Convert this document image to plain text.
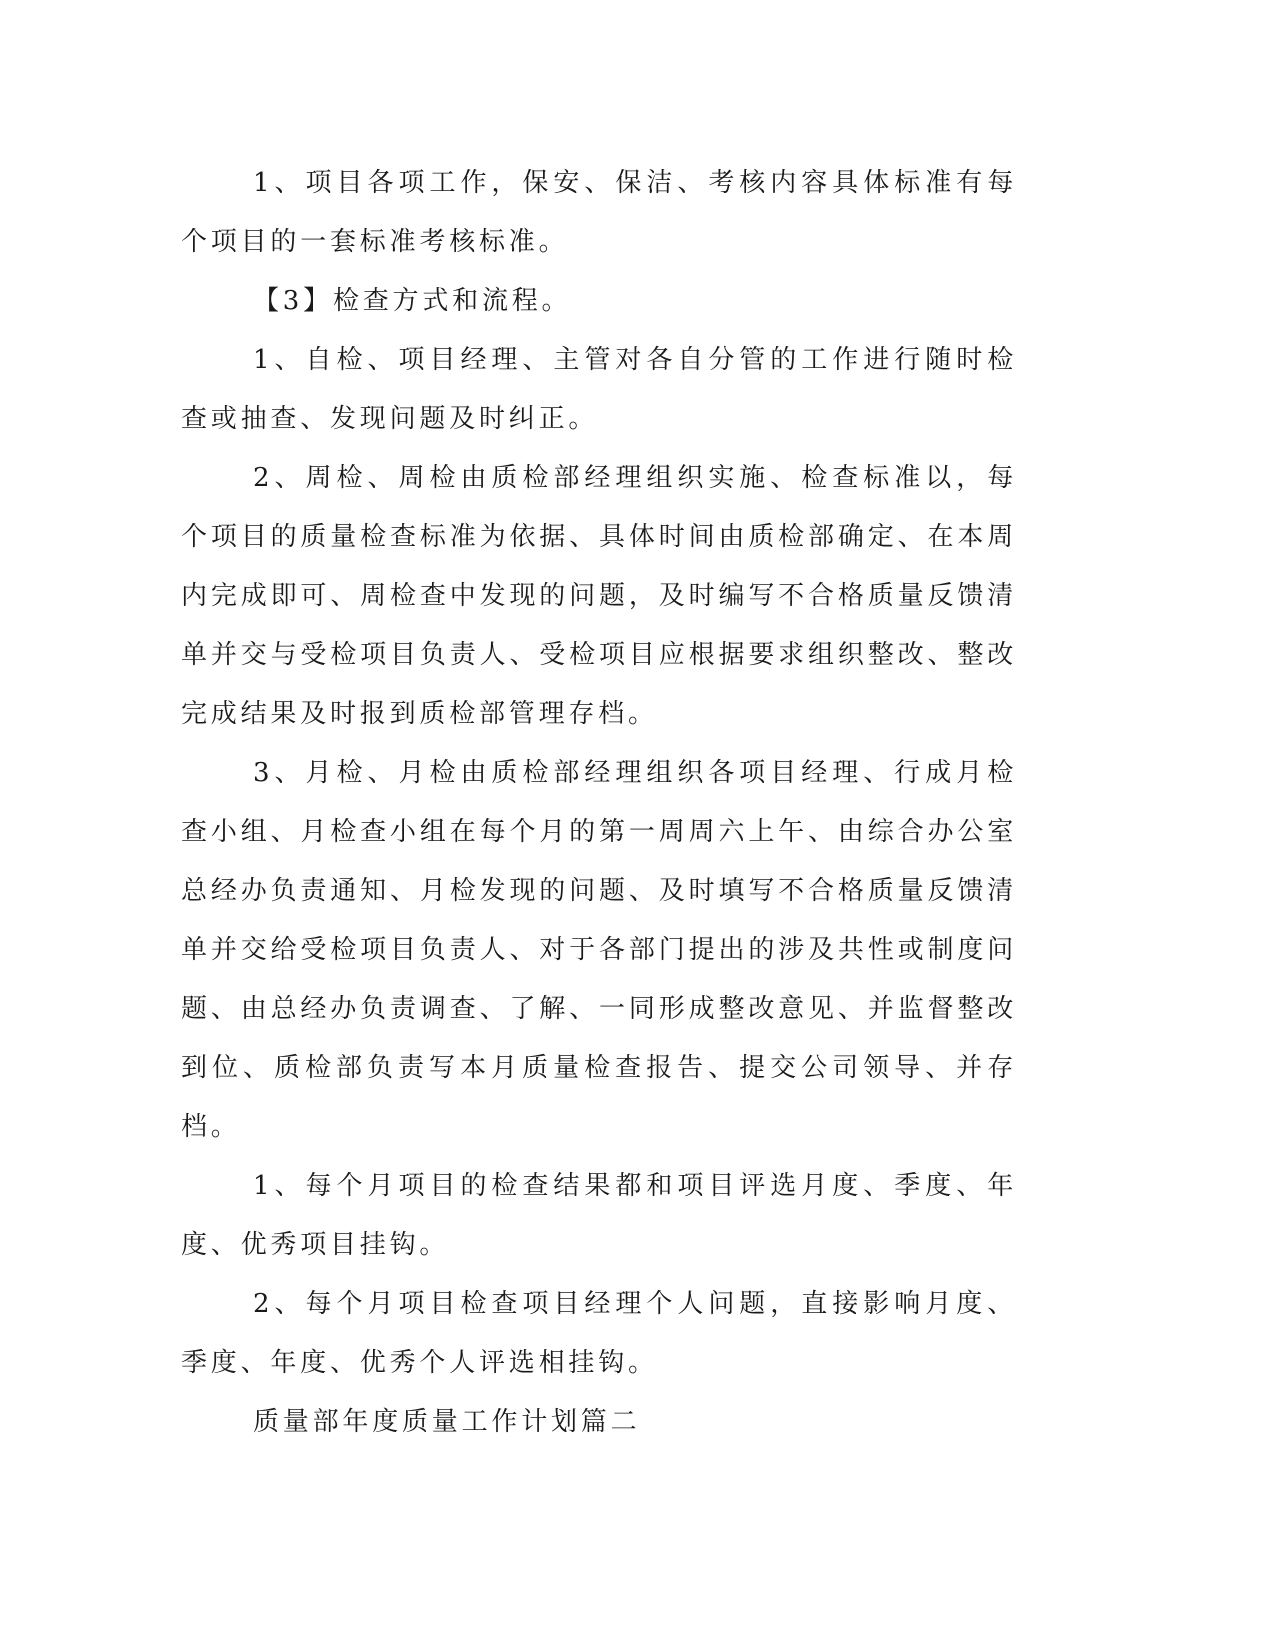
1、项目各项工作，保安、保洁、考核内容具体标准有每个项目的一套标准考核标准。

【3】检查方式和流程。

1、自检、项目经理、主管对各自分管的工作进行随时检查或抽查、发现问题及时纠正。

2、周检、周检由质检部经理组织实施、检查标准以，每个项目的质量检查标准为依据、具体时间由质检部确定、在本周内完成即可、周检查中发现的问题，及时编写不合格质量反馈清单并交与受检项目负责人、受检项目应根据要求组织整改、整改完成结果及时报到质检部管理存档。

3、月检、月检由质检部经理组织各项目经理、行成月检查小组、月检查小组在每个月的第一周周六上午、由综合办公室总经办负责通知、月检发现的问题、及时填写不合格质量反馈清单并交给受检项目负责人、对于各部门提出的涉及共性或制度问题、由总经办负责调查、了解、一同形成整改意见、并监督整改到位、质检部负责写本月质量检查报告、提交公司领导、并存档。

1、每个月项目的检查结果都和项目评选月度、季度、年度、优秀项目挂钩。

2、每个月项目检查项目经理个人问题，直接影响月度、季度、年度、优秀个人评选相挂钩。

质量部年度质量工作计划篇二
